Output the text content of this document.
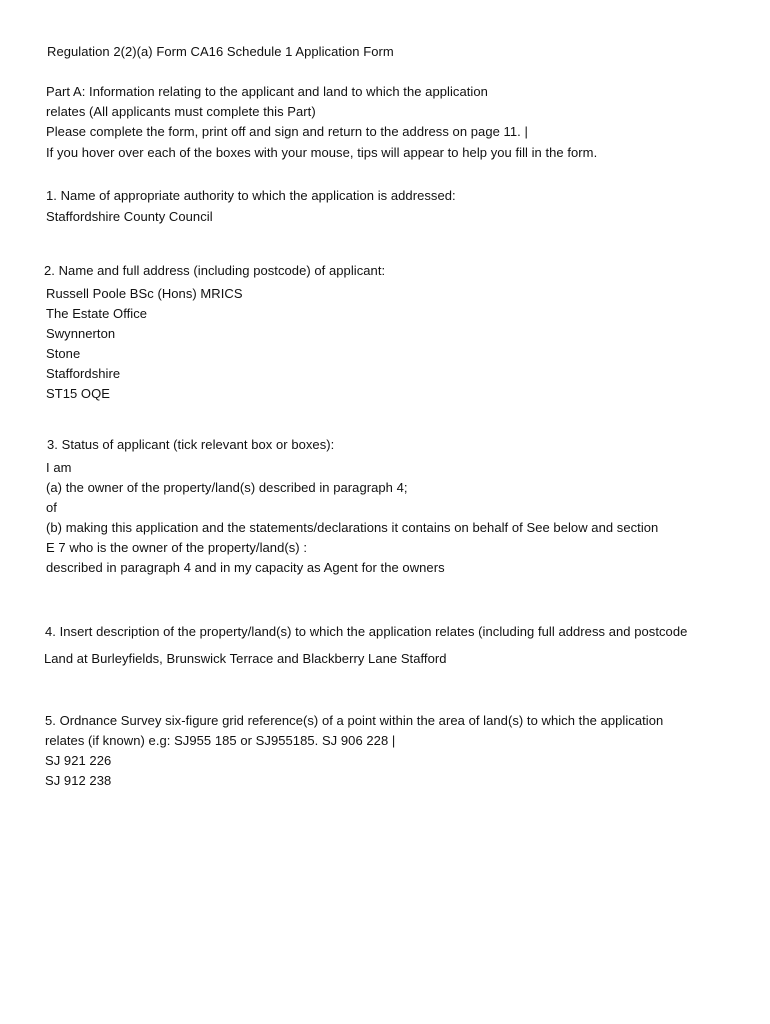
Regulation 2(2)(a) Form CA16 Schedule 1 Application Form
Part A: Information relating to the applicant and land to which the application
relates (All applicants must complete this Part)
Please complete the form, print off and sign and return to the address on page 11. |
If you hover over each of the boxes with your mouse, tips will appear to help you fill in the form.
1. Name of appropriate authority to which the application is addressed:
Staffordshire County Council
2. Name and full address (including postcode) of applicant:
Russell Poole BSc (Hons) MRICS
The Estate Office
Swynnerton
Stone
Staffordshire
ST15 OQE
3. Status of applicant (tick relevant box or boxes):
I am
(a) the owner of the property/land(s) described in paragraph 4;
of
(b) making this application and the statements/declarations it contains on behalf of See below and section
E 7 who is the owner of the property/land(s) :
described in paragraph 4 and in my capacity as Agent for the owners
4. Insert description of the property/land(s) to which the application relates (including full address and postcode
Land at Burleyfields, Brunswick Terrace and Blackberry Lane Stafford
5. Ordnance Survey six-figure grid reference(s) of a point within the area of land(s) to which the application
relates (if known) e.g: SJ955 185 or SJ955185. SJ 906 228 |
SJ 921 226
SJ 912 238
